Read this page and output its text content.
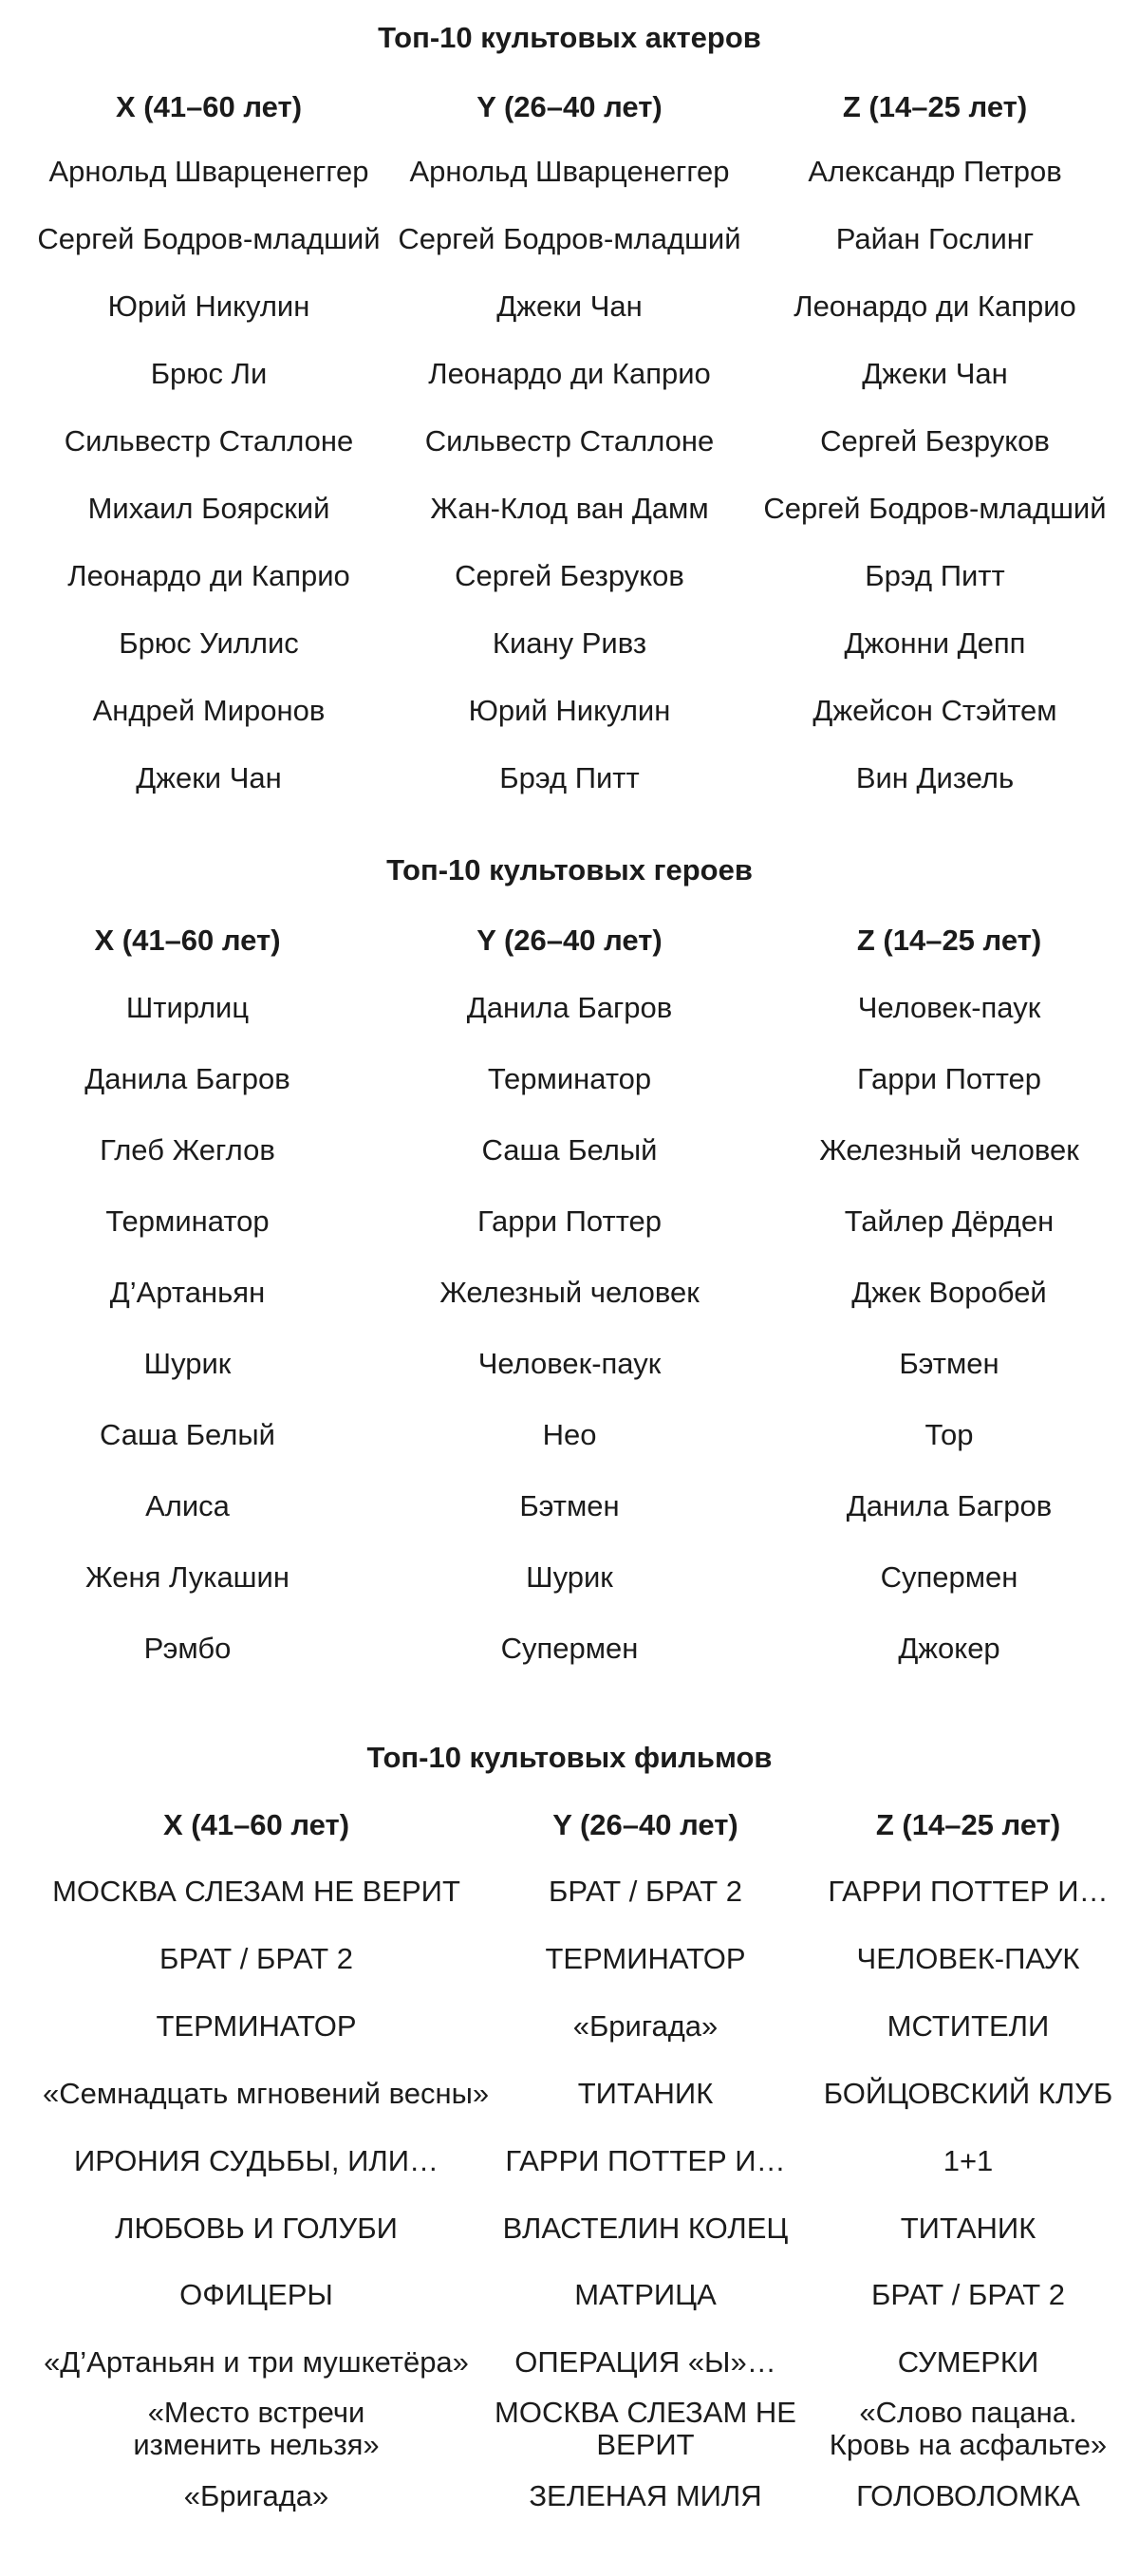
Топ-10 культовых актеров
X (41–60 лет)
Арнольд Шварценеггер
Сергей Бодров-младший
Юрий Никулин
Брюс Ли
Сильвестр Сталлоне
Михаил Боярский
Леонардо ди Каприо
Брюс Уиллис
Андрей Миронов
Джеки Чан
Y (26–40 лет)
Арнольд Шварценеггер
Сергей Бодров-младший
Джеки Чан
Леонардо ди Каприо
Сильвестр Сталлоне
Жан-Клод ван Дамм
Сергей Безруков
Киану Ривз
Юрий Никулин
Брэд Питт
Z (14–25 лет)
Александр Петров
Райан Гослинг
Леонардо ди Каприо
Джеки Чан
Сергей Безруков
Сергей Бодров-младший
Брэд Питт
Джонни Депп
Джейсон Стэйтем
Вин Дизель
Топ-10 культовых героев
X (41–60 лет)
Штирлиц
Данила Багров
Глеб Жеглов
Терминатор
Д’Артаньян
Шурик
Саша Белый
Алиса
Женя Лукашин
Рэмбо
Y (26–40 лет)
Данила Багров
Терминатор
Саша Белый
Гарри Поттер
Железный человек
Человек-паук
Нео
Бэтмен
Шурик
Супермен
Z (14–25 лет)
Человек-паук
Гарри Поттер
Железный человек
Тайлер Дёрден
Джек Воробей
Бэтмен
Тор
Данила Багров
Супермен
Джокер
Топ-10 культовых фильмов
X (41–60 лет)
МОСКВА СЛЕЗАМ НЕ ВЕРИТ
БРАТ / БРАТ 2
ТЕРМИНАТОР
«Семнадцать мгновений весны»
ИРОНИЯ СУДЬБЫ, ИЛИ…
ЛЮБОВЬ И ГОЛУБИ
ОФИЦЕРЫ
«Д’Артаньян и три мушкетёра»
«Место встречи изменить нельзя»
«Бригада»
Y (26–40 лет)
БРАТ / БРАТ 2
ТЕРМИНАТОР
«Бригада»
ТИТАНИК
ГАРРИ ПОТТЕР И…
ВЛАСТЕЛИН КОЛЕЦ
МАТРИЦА
ОПЕРАЦИЯ «Ы»…
МОСКВА СЛЕЗАМ НЕ ВЕРИТ
ЗЕЛЕНАЯ МИЛЯ
Z (14–25 лет)
ГАРРИ ПОТТЕР И…
ЧЕЛОВЕК-ПАУК
МСТИТЕЛИ
БОЙЦОВСКИЙ КЛУБ
1+1
ТИТАНИК
БРАТ / БРАТ 2
СУМЕРКИ
«Слово пацана. Кровь на асфальте»
ГОЛОВОЛОМКА
